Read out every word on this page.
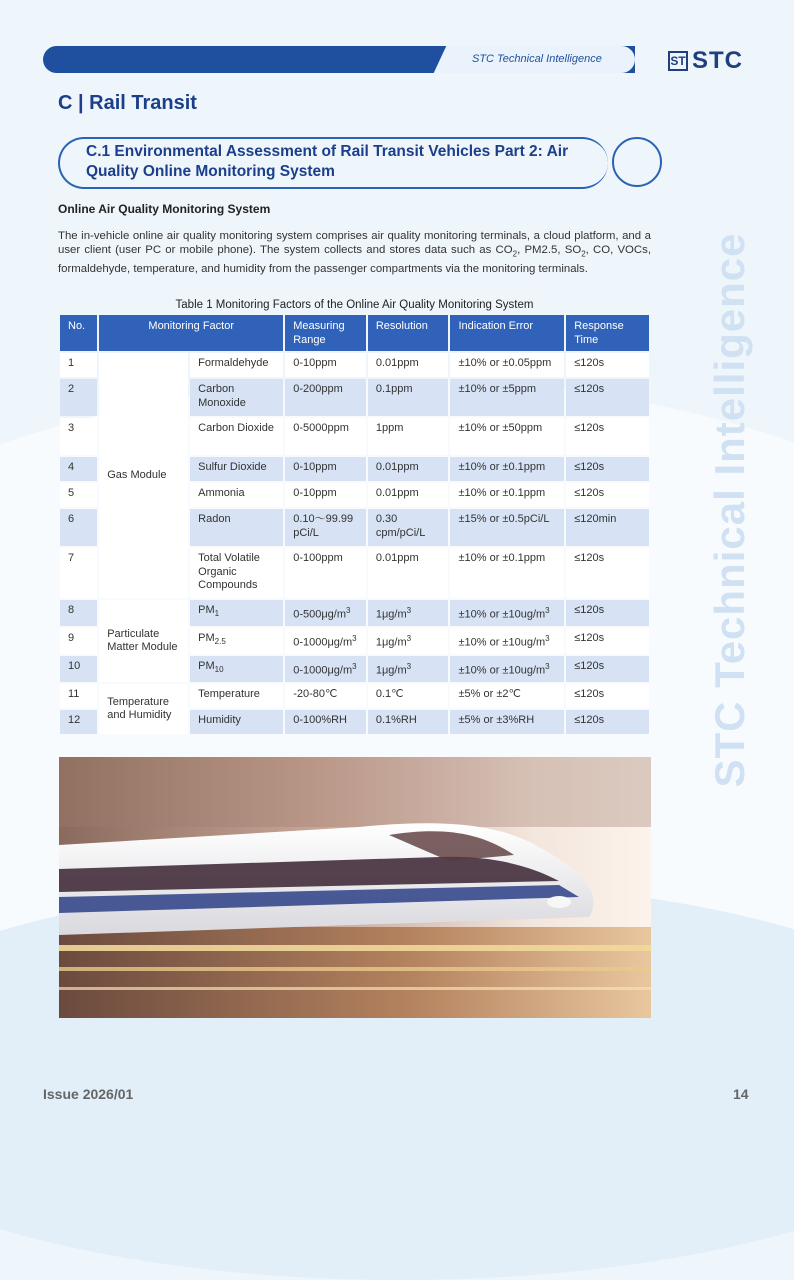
STC Technical Intelligence	ST STC
C | Rail Transit
C.1 Environmental Assessment of Rail Transit Vehicles Part 2: Air Quality Online Monitoring System
STC Technical Intelligence
Online Air Quality Monitoring System
The in-vehicle online air quality monitoring system comprises air quality monitoring terminals, a cloud platform, and a user client (user PC or mobile phone). The system collects and stores data such as $CO_2$, PM2.5, $SO_2$, CO, VOCs, formaldehyde, temperature, and humidity from the passenger compartments via the monitoring terminals.
Table 1 Monitoring Factors of the Online Air Quality Monitoring System
No.	Monitoring Factor		Measuring Range	Resolution	Indication Error	Response Time
1	Gas Module	Formaldehyde	0-10ppm	0.01ppm	±10% or ±0.05ppm	≤120s
2		Carbon Monoxide	0-200ppm	0.1ppm	±10% or ±5ppm	≤120s
3		Carbon Dioxide	0-5000ppm	1ppm	±10% or ±50ppm	≤120s
4		Sulfur Dioxide	0-10ppm	0.01ppm	±10% or ±0.1ppm	≤120s
5		Ammonia	0-10ppm	0.01ppm	±10% or ±0.1ppm	≤120s
6		Radon	0.10～99.99 pCi/L	0.30 cpm/pCi/L	±15% or ±0.5pCi/L	≤120min
7		Total Volatile Organic Compounds	0-100ppm	0.01ppm	±10% or ±0.1ppm	≤120s
8	Particulate Matter Module	$PM_1$	$0-500\mu g/m^3$	$1\mu g/m^3$	±10% or $\pm 10ug/m^3$	≤120s
9		$PM_{2.5}$	$0-1000\mu g/m^3$	$1\mu g/m^3$	±10% or $\pm 10ug/m^3$	≤120s
10		$PM_{10}$	$0-1000\mu g/m^3$	$1\mu g/m^3$	±10% or $\pm 10ug/m^3$	≤120s
11	Temperature and Humidity	Temperature	-20-80℃	0.1℃	±5% or ±2℃	≤120s
12		Humidity	0-100%RH	0.1%RH	±5% or ±3%RH	≤120s
Issue 2026/01	14
